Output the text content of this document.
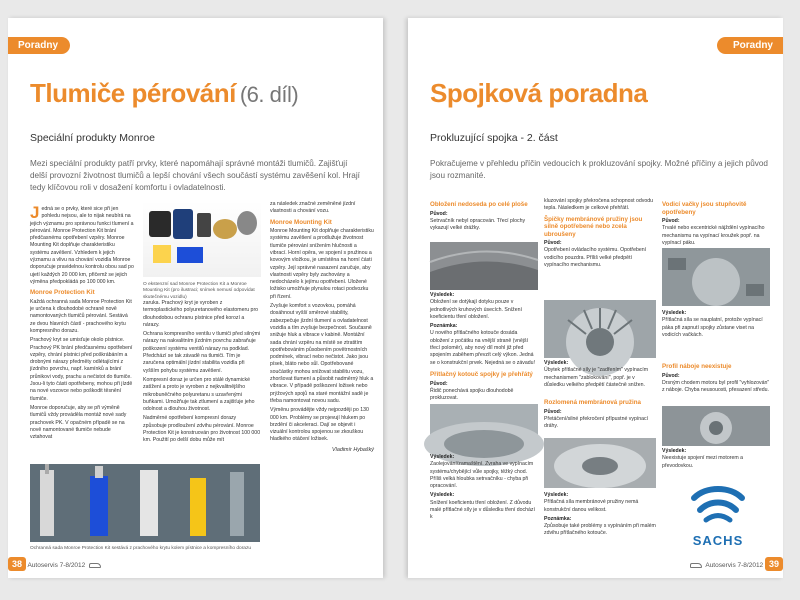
Poradny
Tlumiče pérování (6. díl)
Speciální produkty Monroe
Mezi speciální produkty patří prvky, které napomáhají správné montáži tlumičů. Zajišťují delší provozní životnost tlumičů a lepší chování všech součástí systému zavěšení kol. Hrají tedy klíčovou roli v dosažení komfortu i ovladatelnosti.

Jedná se o prvky, které sice při jen pohledu nejsou, ale to nijak neubírá na jejich významu pro správnou funkci tlumení a pérování. Monroe Protection Kit brání předčasnému opotřebení vzpěry. Monroe Mounting Kit doplňuje charakteristiku systému zavěšení. Vzhledem k jejich významu a vlivu na chování vozidla Monroe doporučuje pravidelnou kontrolu obou sad po ujetí každých 20 000 km, přičemž se jejich výměna předpokládá po 100 000 km.

Monroe Protection Kit

Každá ochranná sada Monroe Protection Kit je určena k dlouhodobé ochraně nově namontovaných tlumičů pérování. Sestává ze dvou hlavních částí - prachového krytu kompresního dorazu.

Prachový kryt se umisťuje okolo pístnice. Prachový PK brání předčasnému opotřebení vzpěry, chrání pístnici před poškrábáním a drobnými nárazy předměty odlétajícími z jízdního povrchu, např. kamínků a brání průnikovi vody, prachu a nečistot do tlumiče. Jsou-li tyto části opotřebeny, mohou při jízdě na nové vozovce nebo poškodit těsnění tlumiče.

Monroe doporučuje, aby se při výměně tlumičů vždy prováděla montáž nové sady prachovek PK. V opačném případě se na nově namontované tlumiče nebude vztahovat

O ekstenzní sad Monroe Protection Kit a Monroe Mounting Kit (pro ilustraci; snímek nemusí odpovídat skutečnému vozidlu)

zaruka. Prachový kryt je vyroben z termoplastického polyuretanového elastomeru pro dlouhodobou ochranu pístnice před korozí a nárazy.

Ochrana kompresního ventilu v tlumiči před silnými nárazy na nakvalitním jízdním povrchu zabraňuje poškození systému ventilů nárazy na podklad. Předchází se tak závadě na tlumiči. Tím je zaručena optimální jízdní stabilita vozidla při vyšším pohybu systému zavěšení.

Kompresní doraz je určen pro stálé dynamické zatížení a proto je vyroben z nejkvalitnějšího mikrobuněčného polyuretanu s uzavřenými buňkami. Umožňuje tak ztlumení a zajišťuje jeho odolnost a dlouhou životnost.

Nadměrné opotřebení kompresní dorazy způsobuje prodloužení zdvihu pérování. Monroe Protection Kit je konstruován pro životnost 100 000 km. Použití po delší dobu může mít

za následek značné zeměněné jízdní vlastnosti a chování vozu.

Monroe Mounting Kit

Monroe Mounting Kit doplňuje charakteristiku systému zavěšení a prodlužuje životnost tlumiče pérování snížením hlučnosti a vibrací. Horní opěra, ve spojení s pružinou a kovovým vložkou, je umístěna na horní části vzpěry. Její správné nasazení zaručuje, aby vlastnosti vzpěry byly zachovány a nedocházelo k jejímu opotřebení. Uložené ložisko umožňuje plynulou rotaci podvozku při řízení.

Zvyšuje komfort s vozovkou, pomáhá dosáhnout vyšší směrové stability, zabezpečuje jízdní tlumení a ovladatelnost vozidla a tím zvyšuje bezpečnost. Současně snižuje hluk a vibrace v kabině. Montážní sada chrání vzpěru na místě se ztratitím opotřebováním působením povětrnostních podmínek, vibrací nebo nečistot. Jako jsou písek, bláto nebo sůl. Opotřebované součástky mohou snižovat stabilitu vozu, zhoršovat tlumení a působit nadměrný hluk a vibrace. V případě poškození ložisek nebo prýžových spojů na staré montážní sadě je třeba namontovat novou sadu.

Výměnu provádějte vždy nejpozději po 130 000 km. Problémy se projevují hlukem po brzdění či akceleraci. Dají se objevit i vizuální kontrolou spojenou se zkouškou hladkého otáčení ložisek.

Vladimír Hybašký

Ochranná sada Monroe Protection Kit sestává z prachového krytu kolem pístnice a kompresního dorazu

38 Autoservis 7-8/2012
Poradny
Spojková poradna
Prokluzující spojka - 2. část
Pokračujeme v přehledu příčin vedoucích k prokluzování spojky. Možné příčiny a jejich původ jsou rozmanité.
Obložení nedoseda po celé ploše

Původ:
Setrvačník nebyl opracován. Třecí plochy vykazují velké drážky.

Výsledek:
Obložení se dotýkají dotyku pouze v jednotlivých kruhových úsecích. Snížení koeficientu tření obložení.

Poznámka:
U nového přítlačného kotouče dosáda obložení z počátku na vnější straně (vnější třecí poloměr), aby nový díl mohl již před spojením zaběhem převzít celý výkon. Jedná se o konstrukční prvek. Nejedná se o závadu!

Přítlačný kotouč spojky je přehřátý

Původ:
Řidič ponechává spojku dlouhodobě prokluzovat.

Výsledek:
Zaolejování/zamaštění. Zvraha ve vypínacím systému/chybějící vůle spojky, těžký chod. Příliš velká hloubka setrvačníku - chyba při opracování.

Výsledek:
Snížení koeficientu tření obložení. Z důvodu malé přítlačné síly je v důsledku tření dochází k

kluzování spojky překročena schopnost odvodu tepla. Následkem je celkové přehřátí.

Špičky membránové pružiny jsou silně opotřebené nebo zcela ubroušeny

Původ:
Opotřebení ovládacího systému. Opotřebení vodicího pouzdra. Příliš velké předpětí vypínacího mechanismu.

Výsledek:
Úbytek přítlačné síly je "zadřením" vypínacím mechanismem "zablokování", popř. je v důsledku velkého předpětí částečně snížen.

Rozlomená membránová pružina

Původ:
Přetáčení/silné překročení přípustné vypínací dráhy.

Výsledek:
Přítlačná síla membránové pružiny nemá konstrukční danou velikost.

Poznámka:
Způsobuje také problémy s vypínáním při malém zdvihu přítlačného kotouče.

Vodicí vačky jsou stupňovitě opotřebeny

Původ:
Trvalé nebo excentrické nájždění vypínacího mechanismu na vypínací kroužek popř. na vypínací páku.

Výsledek:
Přítlačná síla se nauplatní, protože vypínací páka při zapnutí spojky zůstane viset na vodicích vačkách.

Profil náboje neexistuje

Původ:
Drsným chodem motoru byl profil "vyhlozován" z náboje. Chyba neusouosti, přesazení středu.

Výsledek:
Neexistuje spojení mezi motorem a převodovkou.

SACHS
Autoservis 7-8/2012 39
